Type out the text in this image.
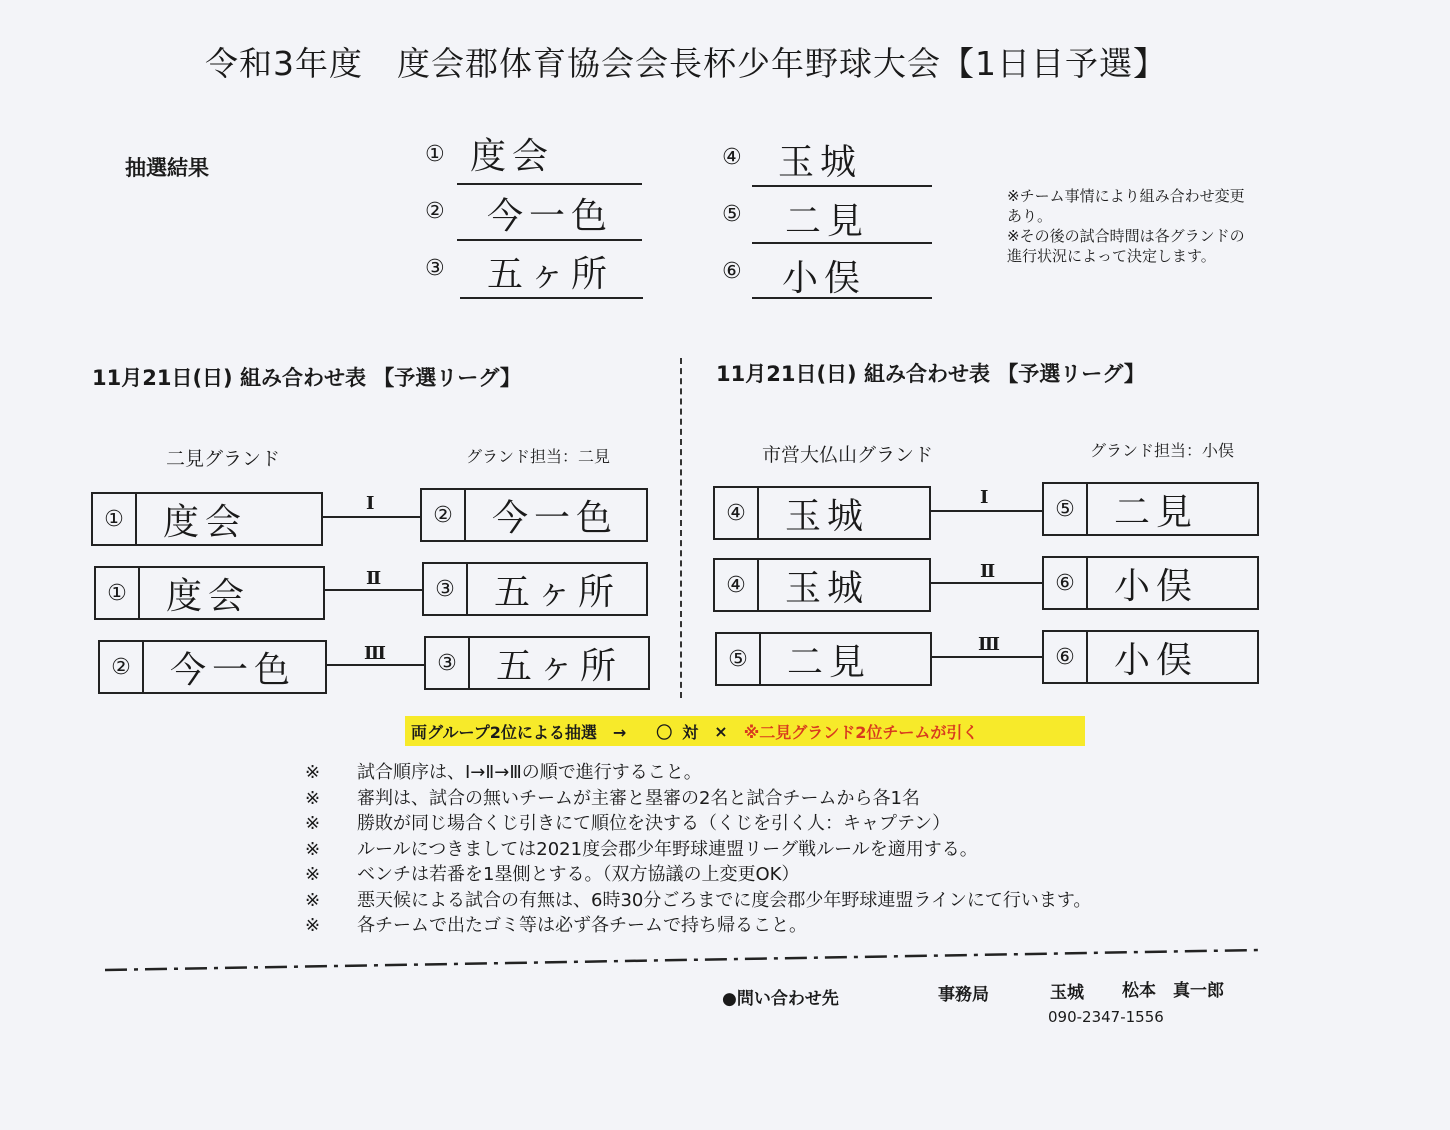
令和3年度　度会郡体育協会会長杯少年野球大会【1日目予選】
抽選結果
① 度会
② 今一色
③ 五ヶ所
④ 玉城
⑤ 二見
⑥ 小俣
※チーム事情により組み合わせ変更あり。
※その後の試合時間は各グランドの進行状況によって決定します。
11月21日(日) 組み合わせ表 【予選リーグ】	11月21日(日) 組み合わせ表 【予選リーグ】
二見グランド	グランド担当：二見
①	度会	Ⅰ	②	今一色
①	度会	Ⅱ	③	五ヶ所
②	今一色	Ⅲ	③	五ヶ所
市営大仏山グランド	グランド担当：小俣
④	玉城	Ⅰ	⑤	二見
④	玉城	Ⅱ	⑥	小俣
⑤	二見	Ⅲ	⑥	小俣
両グループ2位による抽選　→ 〇 対 × ※二見グランド2位チームが引く
※	試合順序は、Ⅰ→Ⅱ→Ⅲの順で進行すること。
※	審判は、試合の無いチームが主審と塁審の2名と試合チームから各1名
※	勝敗が同じ場合くじ引きにて順位を決する（くじを引く人：キャプテン）
※	ルールにつきましては2021度会郡少年野球連盟リーグ戦ルールを適用する。
※	ベンチは若番を1塁側とする。（双方協議の上変更OK）
※	悪天候による試合の有無は、6時30分ごろまでに度会郡少年野球連盟ラインにて行います。
※	各チームで出たゴミ等は必ず各チームで持ち帰ること。
●問い合わせ先	事務局	玉城 松本　真一郎
090-2347-1556
